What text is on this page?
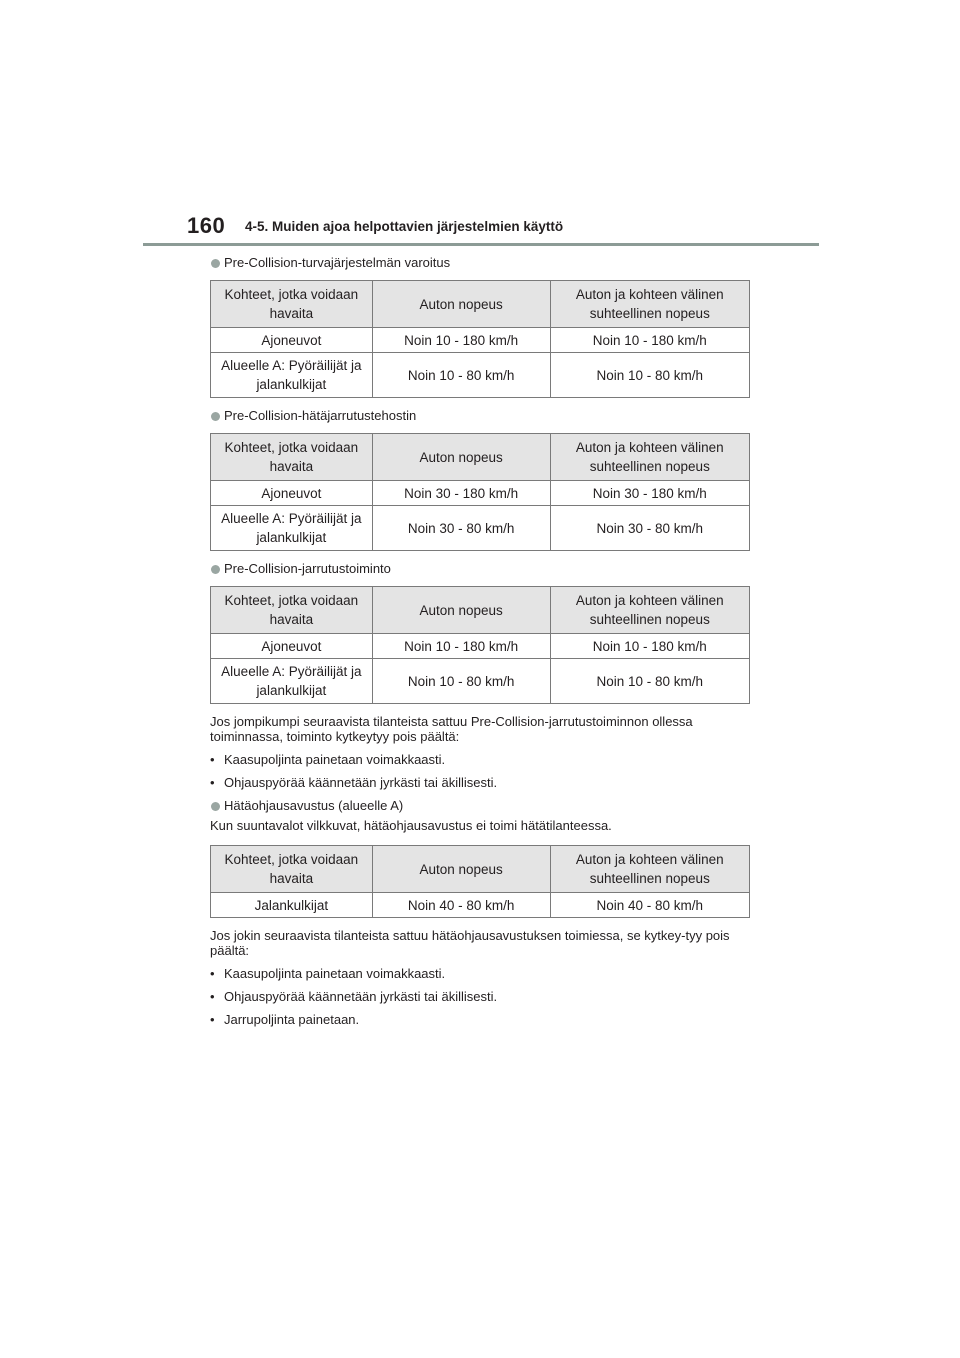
160 4-5. Muiden ajoa helpottavien järjestelmien käyttö
Pre-Collision-turvajärjestelmän varoitus
Kohteet, jotka voidaan havaita	Auton nopeus	Auton ja kohteen välinen suhteellinen nopeus
Ajoneuvot	Noin 10 - 180 km/h	Noin 10 - 180 km/h
Alueelle A: Pyöräilijät ja jalankulkijat	Noin 10 - 80 km/h	Noin 10 - 80 km/h
Pre-Collision-hätäjarrutustehostin
Kohteet, jotka voidaan havaita	Auton nopeus	Auton ja kohteen välinen suhteellinen nopeus
Ajoneuvot	Noin 30 - 180 km/h	Noin 30 - 180 km/h
Alueelle A: Pyöräilijät ja jalankulkijat	Noin 30 - 80 km/h	Noin 30 - 80 km/h
Pre-Collision-jarrutustoiminto
Kohteet, jotka voidaan havaita	Auton nopeus	Auton ja kohteen välinen suhteellinen nopeus
Ajoneuvot	Noin 10 - 180 km/h	Noin 10 - 180 km/h
Alueelle A: Pyöräilijät ja jalankulkijat	Noin 10 - 80 km/h	Noin 10 - 80 km/h

Jos jompikumpi seuraavista tilanteista sattuu Pre-Collision-jarrutustoiminnon ollessa toiminnassa, toiminto kytkeytyy pois päältä:

• Kaasupoljinta painetaan voimakkaasti.
• Ohjauspyörää käännetään jyrkästi tai äkillisesti.
Hätäohjausavustus (alueelle A)

Kun suuntavalot vilkkuvat, hätäohjausavustus ei toimi hätätilanteessa.

Kohteet, jotka voidaan havaita	Auton nopeus	Auton ja kohteen välinen suhteellinen nopeus
Jalankulkijat	Noin 40 - 80 km/h	Noin 40 - 80 km/h

Jos jokin seuraavista tilanteista sattuu hätäohjausavustuksen toimiessa, se kytkey-tyy pois päältä:

• Kaasupoljinta painetaan voimakkaasti.
• Ohjauspyörää käännetään jyrkästi tai äkillisesti.
• Jarrupoljinta painetaan.
